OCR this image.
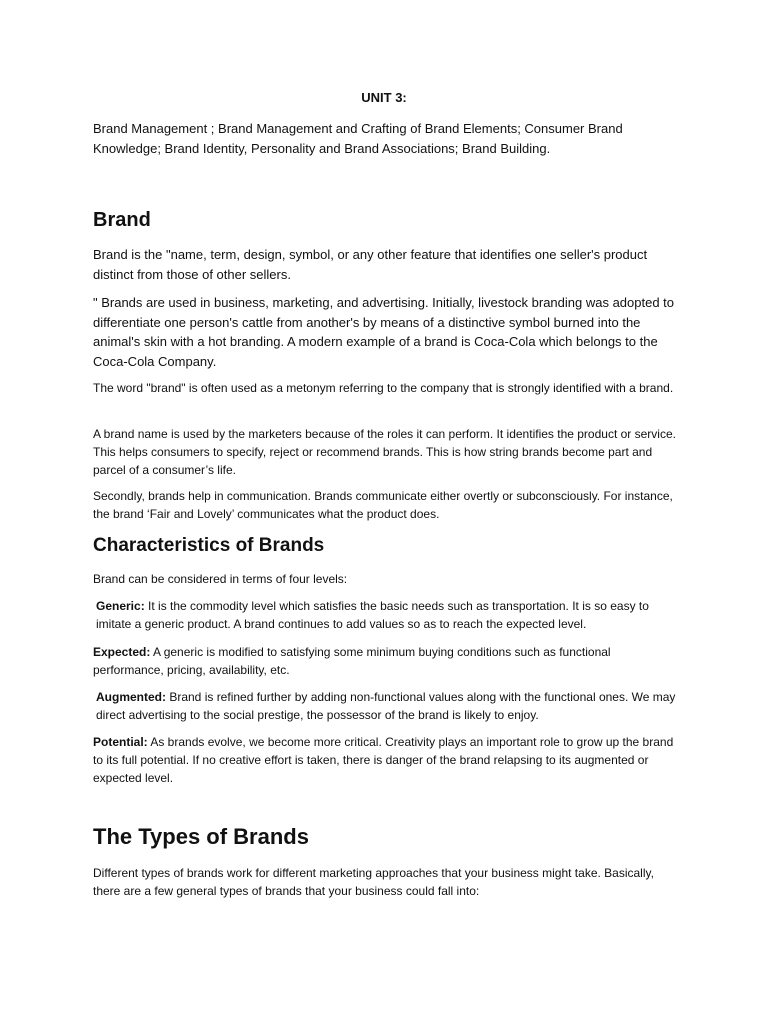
UNIT 3:

Brand Management ; Brand Management and Crafting of Brand Elements; Consumer Brand Knowledge; Brand Identity, Personality and Brand Associations; Brand Building.

Brand

Brand is the "name, term, design, symbol, or any other feature that identifies one seller's product distinct from those of other sellers.

" Brands are used in business, marketing, and advertising. Initially, livestock branding was adopted to differentiate one person's cattle from another's by means of a distinctive symbol burned into the animal's skin with a hot branding. A modern example of a brand is Coca-Cola which belongs to the Coca-Cola Company.

The word "brand" is often used as a metonym referring to the company that is strongly identified with a brand.

A brand name is used by the marketers because of the roles it can perform. It identifies the product or service. This helps consumers to specify, reject or recommend brands. This is how string brands become part and parcel of a consumer’s life.

Secondly, brands help in communication. Brands communicate either overtly or subconsciously. For instance, the brand ‘Fair and Lovely’ communicates what the product does.

Characteristics of Brands

Brand can be considered in terms of four levels:

Generic: It is the commodity level which satisfies the basic needs such as transportation. It is so easy to imitate a generic product. A brand continues to add values so as to reach the expected level.

Expected: A generic is modified to satisfying some minimum buying conditions such as functional performance, pricing, availability, etc.

Augmented: Brand is refined further by adding non-functional values along with the functional ones. We may direct advertising to the social prestige, the possessor of the brand is likely to enjoy.

Potential: As brands evolve, we become more critical. Creativity plays an important role to grow up the brand to its full potential. If no creative effort is taken, there is danger of the brand relapsing to its augmented or expected level.

The Types of Brands

Different types of brands work for different marketing approaches that your business might take. Basically, there are a few general types of brands that your business could fall into:
